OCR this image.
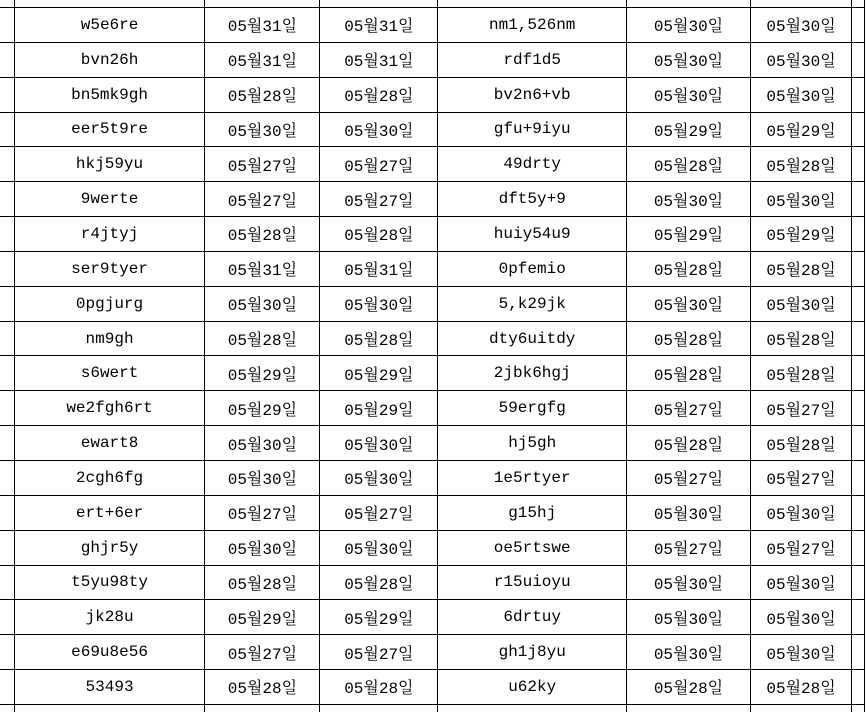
	w5e6re	05월31일	05월31일	nm1,526nm	05월30일	05월30일	
	bvn26h	05월31일	05월31일	rdf1d5	05월30일	05월30일	
	bn5mk9gh	05월28일	05월28일	bv2n6+vb	05월30일	05월30일	
	eer5t9re	05월30일	05월30일	gfu+9iyu	05월29일	05월29일	
	hkj59yu	05월27일	05월27일	49drty	05월28일	05월28일	
	9werte	05월27일	05월27일	dft5y+9	05월30일	05월30일	
	r4jtyj	05월28일	05월28일	huiy54u9	05월29일	05월29일	
	ser9tyer	05월31일	05월31일	0pfemio	05월28일	05월28일	
	0pgjurg	05월30일	05월30일	5,k29jk	05월30일	05월30일	
	nm9gh	05월28일	05월28일	dty6uitdy	05월28일	05월28일	
	s6wert	05월29일	05월29일	2jbk6hgj	05월28일	05월28일	
	we2fgh6rt	05월29일	05월29일	59ergfg	05월27일	05월27일	
	ewart8	05월30일	05월30일	hj5gh	05월28일	05월28일	
	2cgh6fg	05월30일	05월30일	1e5rtyer	05월27일	05월27일	
	ert+6er	05월27일	05월27일	g15hj	05월30일	05월30일	
	ghjr5y	05월30일	05월30일	oe5rtswe	05월27일	05월27일	
	t5yu98ty	05월28일	05월28일	r15uioyu	05월30일	05월30일	
	jk28u	05월29일	05월29일	6drtuy	05월30일	05월30일	
	e69u8e56	05월27일	05월27일	gh1j8yu	05월30일	05월30일	
	53493	05월28일	05월28일	u62ky	05월28일	05월28일	
